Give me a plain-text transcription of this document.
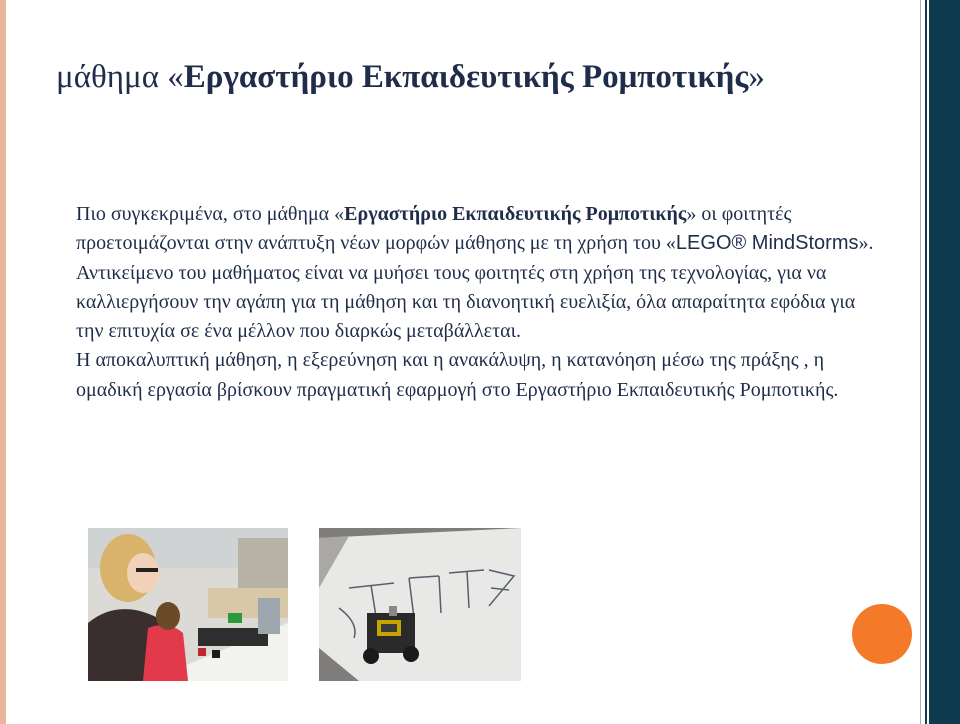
μάθημα «Εργαστήριο Εκπαιδευτικής Ρομποτικής»

Πιο συγκεκριμένα, στο μάθημα «Εργαστήριο Εκπαιδευτικής Ρομποτικής» οι φοιτητές προετοιμάζονται στην ανάπτυξη νέων μορφών μάθησης με τη χρήση του «LEGO® MindStorms».

Αντικείμενο του μαθήματος είναι να μυήσει τους φοιτητές στη χρήση της τεχνολογίας, για να καλλιεργήσουν την αγάπη για τη μάθηση και τη διανοητική ευελιξία, όλα απαραίτητα εφόδια για την επιτυχία σε ένα μέλλον που διαρκώς μεταβάλλεται.

Η αποκαλυπτική μάθηση, η εξερεύνηση και η ανακάλυψη, η κατανόηση μέσω της πράξης , η ομαδική εργασία βρίσκουν πραγματική εφαρμογή στο Εργαστήριο Εκπαιδευτικής Ρομποτικής.
